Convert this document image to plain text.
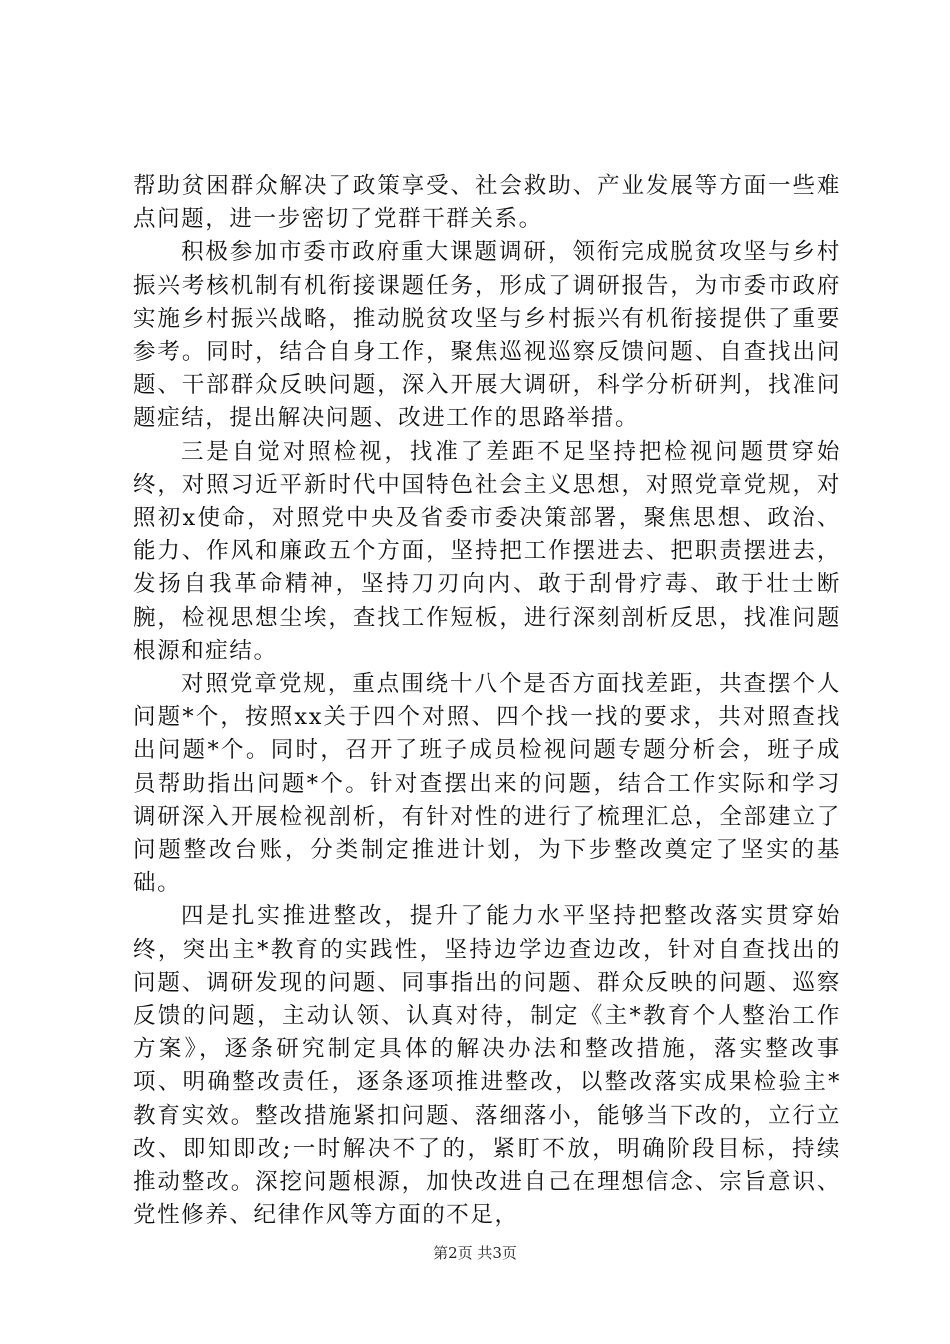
帮助贫困群众解决了政策享受、社会救助、产业发展等方面一些难点问题，进一步密切了党群干群关系。

积极参加市委市政府重大课题调研，领衔完成脱贫攻坚与乡村振兴考核机制有机衔接课题任务，形成了调研报告，为市委市政府实施乡村振兴战略，推动脱贫攻坚与乡村振兴有机衔接提供了重要参考。同时，结合自身工作，聚焦巡视巡察反馈问题、自查找出问题、干部群众反映问题，深入开展大调研，科学分析研判，找准问题症结，提出解决问题、改进工作的思路举措。

三是自觉对照检视，找准了差距不足坚持把检视问题贯穿始终，对照习近平新时代中国特色社会主义思想，对照党章党规，对照初x使命，对照党中央及省委市委决策部署，聚焦思想、政治、能力、作风和廉政五个方面，坚持把工作摆进去、把职责摆进去，发扬自我革命精神，坚持刀刃向内、敢于刮骨疗毒、敢于壮士断腕，检视思想尘埃，查找工作短板，进行深刻剖析反思，找准问题根源和症结。

对照党章党规，重点围绕十八个是否方面找差距，共查摆个人问题*个，按照xx关于四个对照、四个找一找的要求，共对照查找出问题*个。同时，召开了班子成员检视问题专题分析会，班子成员帮助指出问题*个。针对查摆出来的问题，结合工作实际和学习调研深入开展检视剖析，有针对性的进行了梳理汇总，全部建立了问题整改台账，分类制定推进计划，为下步整改奠定了坚实的基础。

四是扎实推进整改，提升了能力水平坚持把整改落实贯穿始终，突出主*教育的实践性，坚持边学边查边改，针对自查找出的问题、调研发现的问题、同事指出的问题、群众反映的问题、巡察反馈的问题，主动认领、认真对待，制定《主*教育个人整治工作方案》，逐条研究制定具体的解决办法和整改措施，落实整改事项、明确整改责任，逐条逐项推进整改，以整改落实成果检验主*教育实效。整改措施紧扣问题、落细落小，能够当下改的，立行立改、即知即改;一时解决不了的，紧盯不放，明确阶段目标，持续推动整改。深挖问题根源，加快改进自己在理想信念、宗旨意识、党性修养、纪律作风等方面的不足，

第2页 共3页
